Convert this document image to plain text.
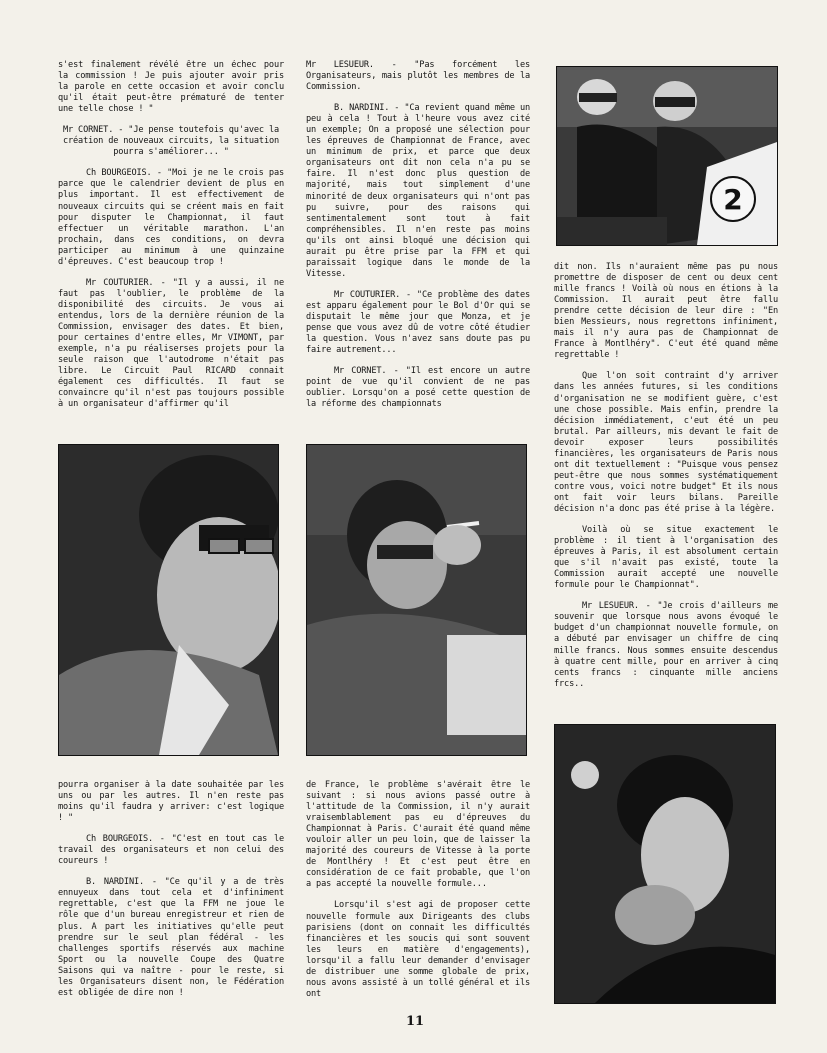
s'est finalement révélé être un échec pour la commission ! Je puis ajouter avoir pris la parole en cette occasion et avoir conclu qu'il était peut-être prématuré de tenter une telle chose ! "

Mr CORNET. - "Je pense toutefois qu'avec la création de nouveaux circuits, la situation pourra s'améliorer... "

Ch BOURGEOIS. - "Moi je ne le crois pas parce que le calendrier devient de plus en plus important. Il est effectivement de nouveaux circuits qui se créent mais en fait pour disputer le Championnat, il faut effectuer un véritable marathon. L'an prochain, dans ces conditions, on devra participer au minimum à une quinzaine d'épreuves. C'est beaucoup trop !

Mr COUTURIER. - "Il y a aussi, il ne faut pas l'oublier, le problème de la disponibilité des circuits. Je vous ai entendus, lors de la dernière réunion de la Commission, envisager des dates. Et bien, pour certaines d'entre elles, Mr VIMONT, par exemple, n'a pu réaliserses projets pour la seule raison que l'autodrome n'était pas libre. Le Circuit Paul RICARD connait également ces difficultés. Il faut se convaincre qu'il n'est pas toujours possible à un organisateur d'affirmer qu'il

Mr LESUEUR. - "Pas forcément les Organisateurs, mais plutôt les membres de la Commission.

B. NARDINI. - "Ca revient quand même un peu à cela ! Tout à l'heure vous avez cité un exemple; On a proposé une sélection pour les épreuves de Championnat de France, avec un minimum de prix, et parce que deux organisateurs ont dit non cela n'a pu se faire. Il n'est donc plus question de majorité, mais tout simplement d'une minorité de deux organisateurs qui n'ont pas pu suivre, pour des raisons qui sentimentalement sont tout à fait compréhensibles. Il n'en reste pas moins qu'ils ont ainsi bloqué une décision qui aurait pu être prise par la FFM et qui paraissait logique dans le monde de la Vitesse.

Mr COUTURIER. - "Ce problème des dates est apparu également pour le Bol d'Or qui se disputait le même jour que Monza, et je pense que vous avez dû de votre côté étudier la question. Vous n'avez sans doute pas pu faire autrement...

Mr CORNET. - "Il est encore un autre point de vue qu'il convient de ne pas oublier. Lorsqu'on a posé cette question de la réforme des championnats

2

dit non. Ils n'auraient même pas pu nous promettre de disposer de cent ou deux cent mille francs ! Voilà où nous en étions à la Commission. Il aurait peut être fallu prendre cette décision de leur dire : "En bien Messieurs, nous regrettons infiniment, mais il n'y aura pas de Championnat de France à Montlhéry". C'eut été quand même regrettable !

Que l'on soit contraint d'y arriver dans les années futures, si les conditions d'organisation ne se modifient guère, c'est une chose possible. Mais enfin, prendre la décision immédiatement, c'eut été un peu brutal. Par ailleurs, mis devant le fait de devoir exposer leurs possibilités financières, les organisateurs de Paris nous ont dit textuellement : "Puisque vous pensez peut-être que nous sommes systématiquement contre vous, voici notre budget" Et ils nous ont fait voir leurs bilans. Pareille décision n'a donc pas été prise à la légère.

Voilà où se situe exactement le problème : il tient à l'organisation des épreuves à Paris, il est absolument certain que s'il n'avait pas existé, toute la Commission aurait accepté une nouvelle formule pour le Championnat".

Mr LESUEUR. - "Je crois d'ailleurs me souvenir que lorsque nous avons évoqué le budget d'un championnat nouvelle formule, on a débuté par envisager un chiffre de cinq mille francs. Nous sommes ensuite descendus à quatre cent mille, pour en arriver à cinq cents francs : cinquante mille anciens frcs..

pourra organiser à la date souhaitée par les uns ou par les autres. Il n'en reste pas moins qu'il faudra y arriver: c'est logique ! "

Ch BOURGEOIS. - "C'est en tout cas le travail des organisateurs et non celui des coureurs !

B. NARDINI. - "Ce qu'il y a de très ennuyeux dans tout cela et d'infiniment regrettable, c'est que la FFM ne joue le rôle que d'un bureau enregistreur et rien de plus. A part les initiatives qu'elle peut prendre sur le seul plan fédéral - les challenges sportifs réservés aux machine Sport ou la nouvelle Coupe des Quatre Saisons qui va naître - pour le reste, si les Organisateurs disent non, le Fédération est obligée de dire non !

de France, le problème s'avérait être le suivant : si nous avions passé outre à l'attitude de la Commission, il n'y aurait vraisemblablement pas eu d'épreuves du Championnat à Paris. C'aurait été quand même vouloir aller un peu loin, que de laisser la majorité des coureurs de Vitesse à la porte de Montlhéry ! Et c'est peut être en considération de ce fait probable, que l'on a pas accepté la nouvelle formule...

Lorsqu'il s'est agi de proposer cette nouvelle formule aux Dirigeants des clubs parisiens (dont on connait les difficultés financières et les soucis qui sont souvent les leurs en matière d'engagements), lorsqu'il a fallu leur demander d'envisager de distribuer une somme globale de prix, nous avons assisté à un tollé général et ils ont

11
